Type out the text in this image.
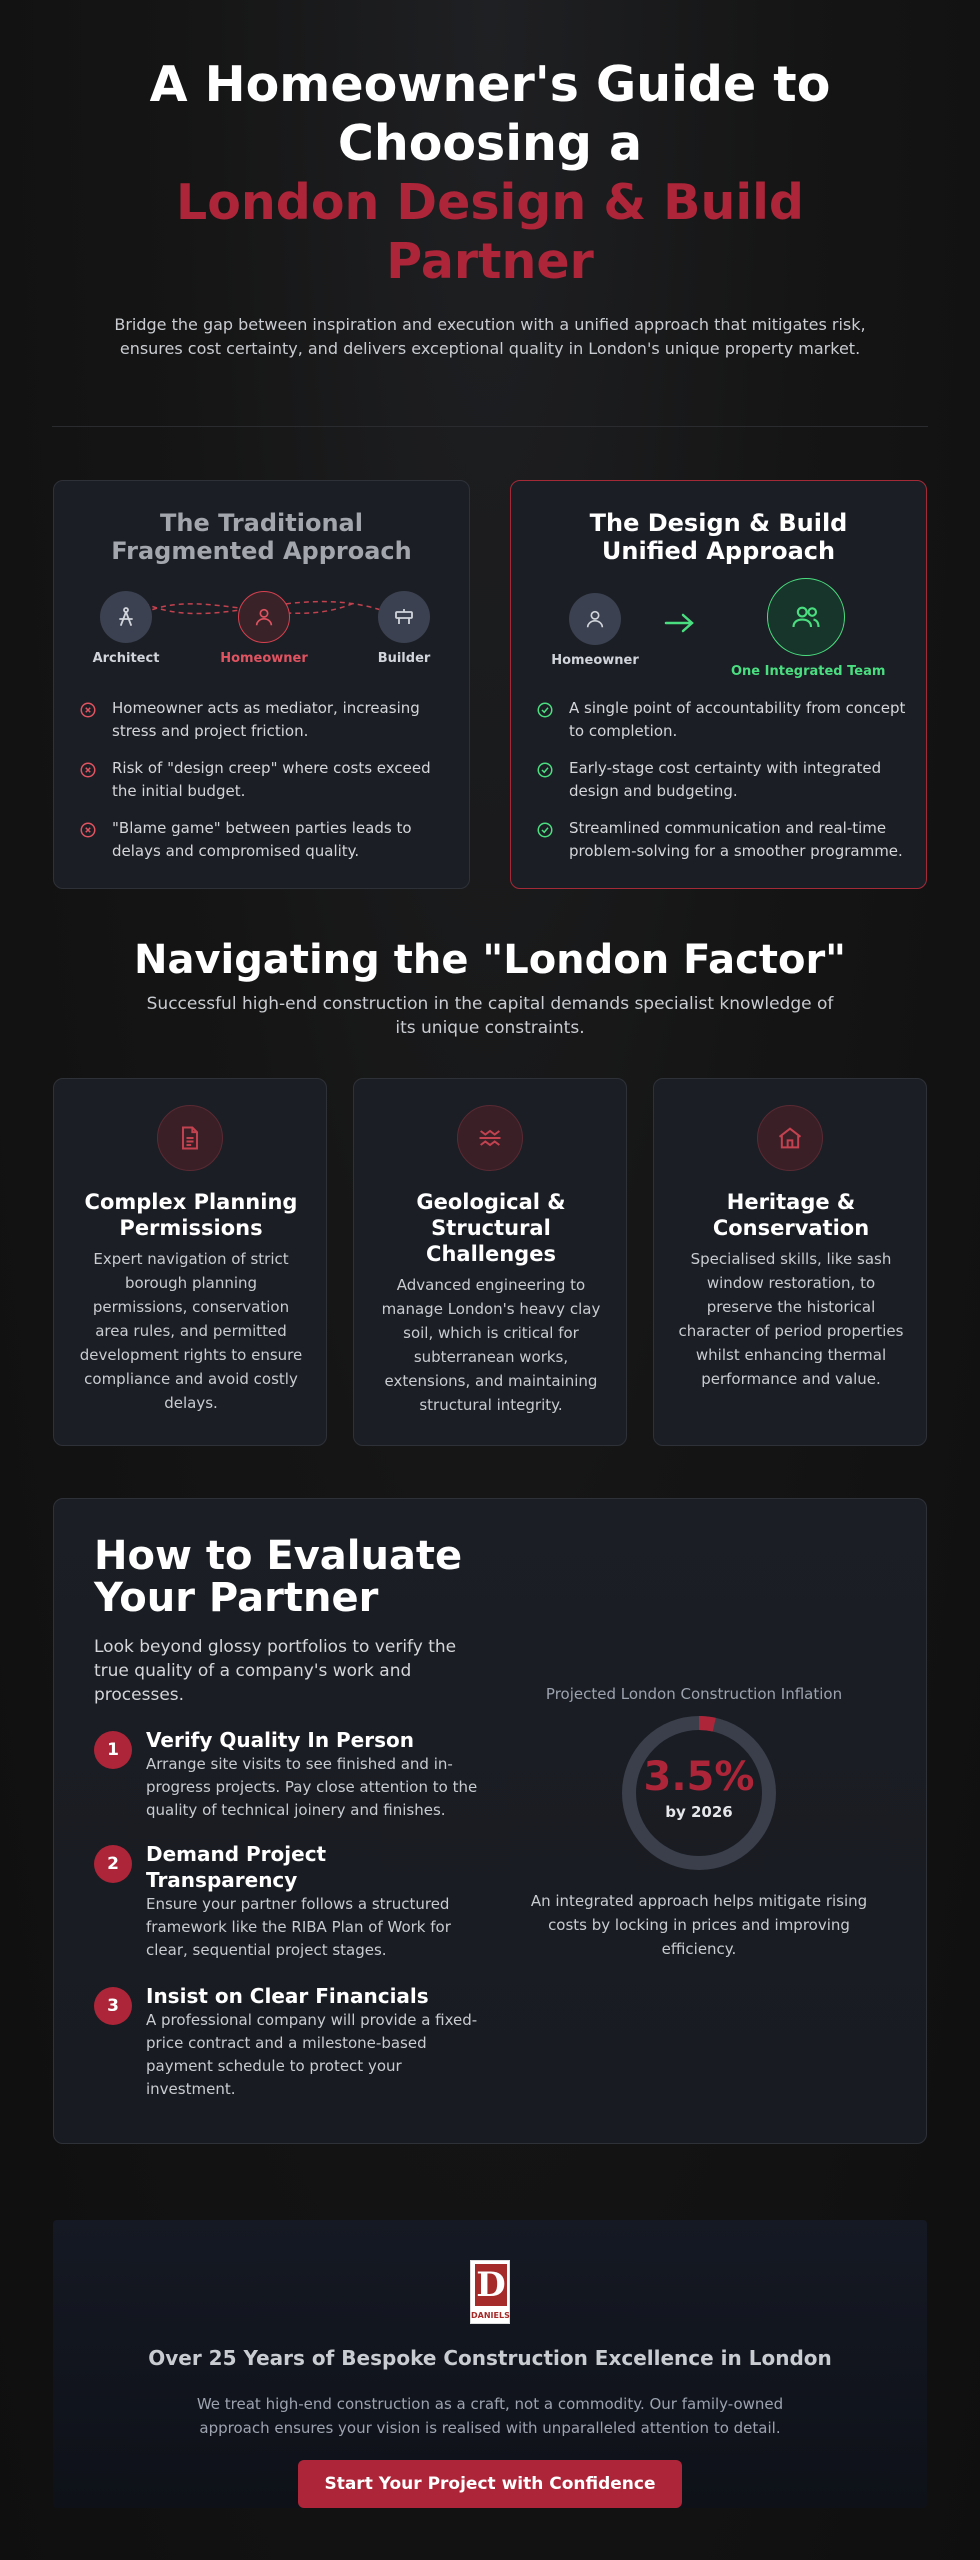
A Homeowner's Guide to
Choosing a
London Design & Build
Partner

Bridge the gap between inspiration and execution with a unified approach that mitigates risk, ensures cost certainty, and delivers exceptional quality in London's unique property market.

The Traditional
Fragmented Approach
Architect	Homeowner	Builder
Homeowner acts as mediator, increasing stress and project friction.
Risk of "design creep" where costs exceed the initial budget.
"Blame game" between parties leads to delays and compromised quality.
The Design & Build
Unified Approach
Homeowner
One Integrated Team
A single point of accountability from concept to completion.
Early-stage cost certainty with integrated design and budgeting.
Streamlined communication and real-time problem-solving for a smoother programme.
Navigating the "London Factor"

Successful high-end construction in the capital demands specialist knowledge of its unique constraints.

Complex Planning Permissions

Expert navigation of strict borough planning permissions, conservation area rules, and permitted development rights to ensure compliance and avoid costly delays.

Geological & Structural Challenges

Advanced engineering to manage London's heavy clay soil, which is critical for subterranean works, extensions, and maintaining structural integrity.

Heritage & Conservation

Specialised skills, like sash window restoration, to preserve the historical character of period properties whilst enhancing thermal performance and value.

How to Evaluate Your Partner

Look beyond glossy portfolios to verify the true quality of a company's work and processes.

1	Verify Quality In Person

Arrange site visits to see finished and in-progress projects. Pay close attention to the quality of technical joinery and finishes.

2	Demand Project Transparency

Ensure your partner follows a structured framework like the RIBA Plan of Work for clear, sequential project stages.

3	Insist on Clear Financials

A professional company will provide a fixed-price contract and a milestone-based payment schedule to protect your investment.

Projected London Construction Inflation
3.5%
by 2026

An integrated approach helps mitigate rising costs by locking in prices and improving efficiency.

D
DANIELS
Over 25 Years of Bespoke Construction Excellence in London

We treat high-end construction as a craft, not a commodity. Our family-owned approach ensures your vision is realised with unparalleled attention to detail.

Start Your Project with Confidence
